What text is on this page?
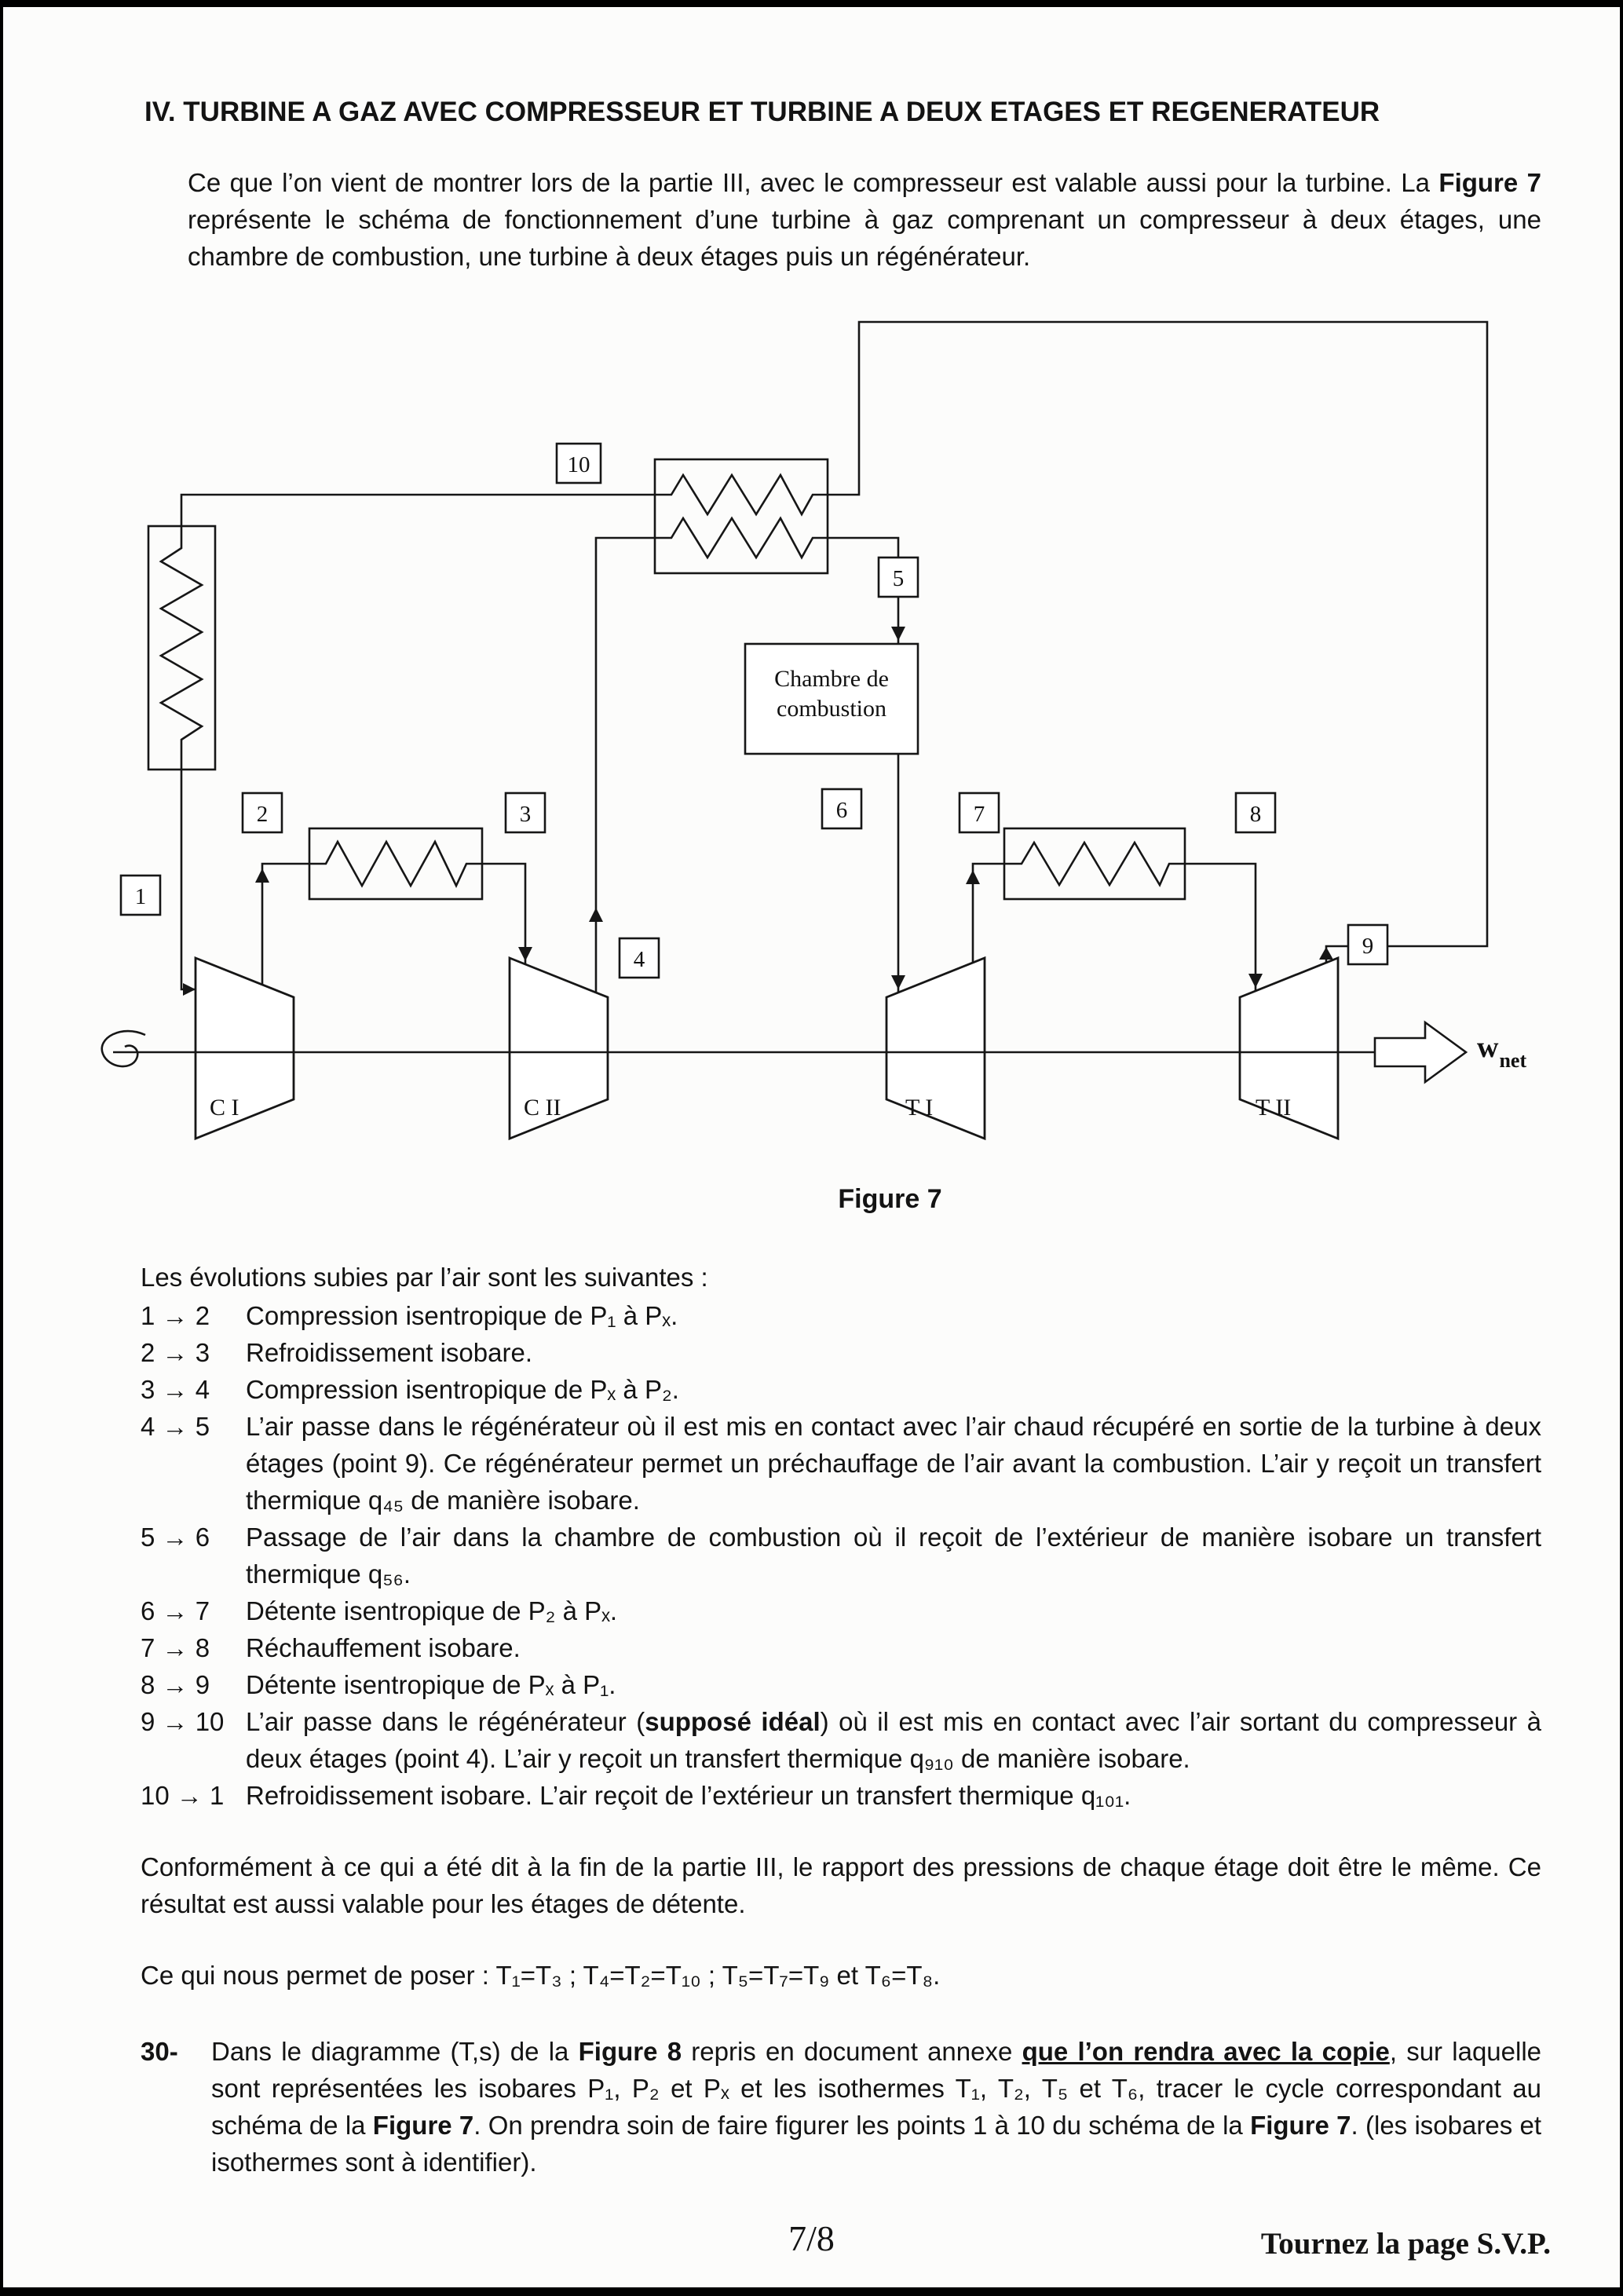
IV. TURBINE A GAZ AVEC COMPRESSEUR ET TURBINE A DEUX ETAGES ET REGENERATEUR

Ce que l’on vient de montrer lors de la partie III, avec le compresseur est valable aussi pour la turbine. La Figure 7 représente le schéma de fonctionnement d’une turbine à gaz comprenant un compresseur à deux étages, une chambre de combustion, une turbine à deux étages puis un régénérateur.

1
2	3
4
5
6	7	8
9
10
C I	C II	T I	T II
Chambre de
combustion
$w_{net}$
Figure 7

Les évolutions subies par l’air sont les suivantes :

1 → 2	Compression isentropique de P₁ à Pₓ.
2 → 3	Refroidissement isobare.
3 → 4	Compression isentropique de Pₓ à P₂.
4 → 5	L’air passe dans le régénérateur où il est mis en contact avec l’air chaud récupéré en sortie de la turbine à deux étages (point 9). Ce régénérateur permet un préchauffage de l’air avant la combustion. L’air y reçoit un transfert thermique q₄₅ de manière isobare.
5 → 6	Passage de l’air dans la chambre de combustion où il reçoit de l’extérieur de manière isobare un transfert thermique q₅₆.
6 → 7	Détente isentropique de P₂ à Pₓ.
7 → 8	Réchauffement isobare.
8 → 9	Détente isentropique de Pₓ à P₁.
9 → 10 L’air passe dans le régénérateur (supposé idéal) où il est mis en contact avec l’air sortant du compresseur à deux étages (point 4). L’air y reçoit un transfert thermique q₉₁₀ de manière isobare.
10 → 1 Refroidissement isobare. L’air reçoit de l’extérieur un transfert thermique q₁₀₁.

Conformément à ce qui a été dit à la fin de la partie III, le rapport des pressions de chaque étage doit être le même. Ce résultat est aussi valable pour les étages de détente.

Ce qui nous permet de poser : T₁=T₃ ; T₄=T₂=T₁₀ ; T₅=T₇=T₉ et T₆=T₈.

30-	Dans le diagramme (T,s) de la Figure 8 repris en document annexe que l’on rendra avec la copie, sur laquelle sont représentées les isobares P₁, P₂ et Pₓ et les isothermes T₁, T₂, T₅ et T₆, tracer le cycle correspondant au schéma de la Figure 7. On prendra soin de faire figurer les points 1 à 10 du schéma de la Figure 7. (les isobares et isothermes sont à identifier).
7/8	Tournez la page S.V.P.
